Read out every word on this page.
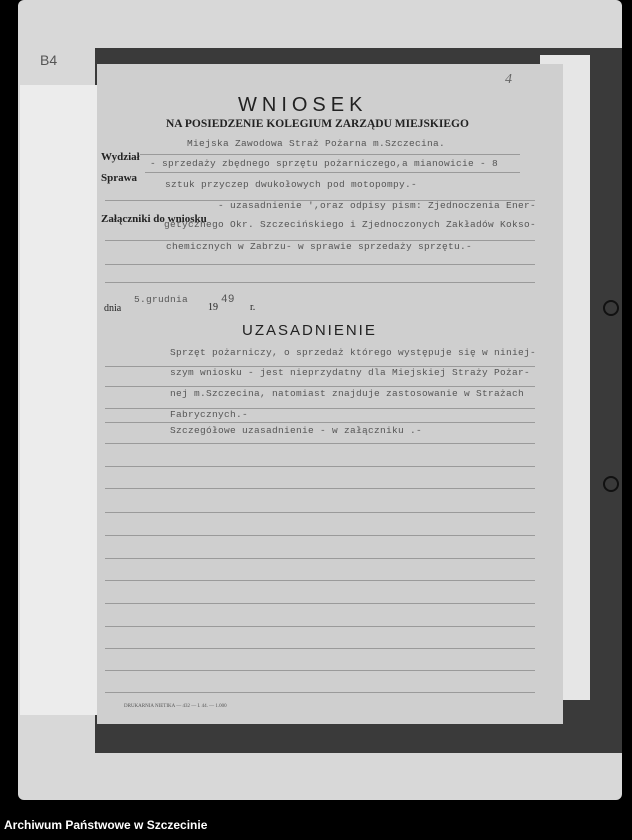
B4
4
WNIOSEK
NA POSIEDZENIE KOLEGIUM ZARZĄDU MIEJSKIEGO
Miejska Zawodowa Straż Pożarna m.Szczecina.
Wydział
- sprzedaży zbędnego sprzętu pożarniczego,a mianowicie - 8
Sprawa
sztuk przyczep dwukołowych pod motopompy.-
- uzasadnienie ',oraz odpisy pism: Zjednoczenia Ener-
Załączniki do wniosku
getycznego Okr. Szczecińskiego i Zjednoczonych Zakładów Kokso-
chemicznych w Zabrzu- w sprawie sprzedaży sprzętu.-
5.grudnia
dnia	19
49
r.
UZASADNIENIE
Sprzęt pożarniczy, o sprzedaż którego występuje się w niniej-
szym wniosku - jest nieprzydatny dla Miejskiej Straży Pożar-
nej m.Szczecina, natomiast znajduje zastosowanie w Strażach
Fabrycznych.-
Szczegółowe uzasadnienie - w załączniku .-
DRUKARNIA NIETIKA — 432 — I. 44. — 1.000
Archiwum Państwowe w Szczecinie
